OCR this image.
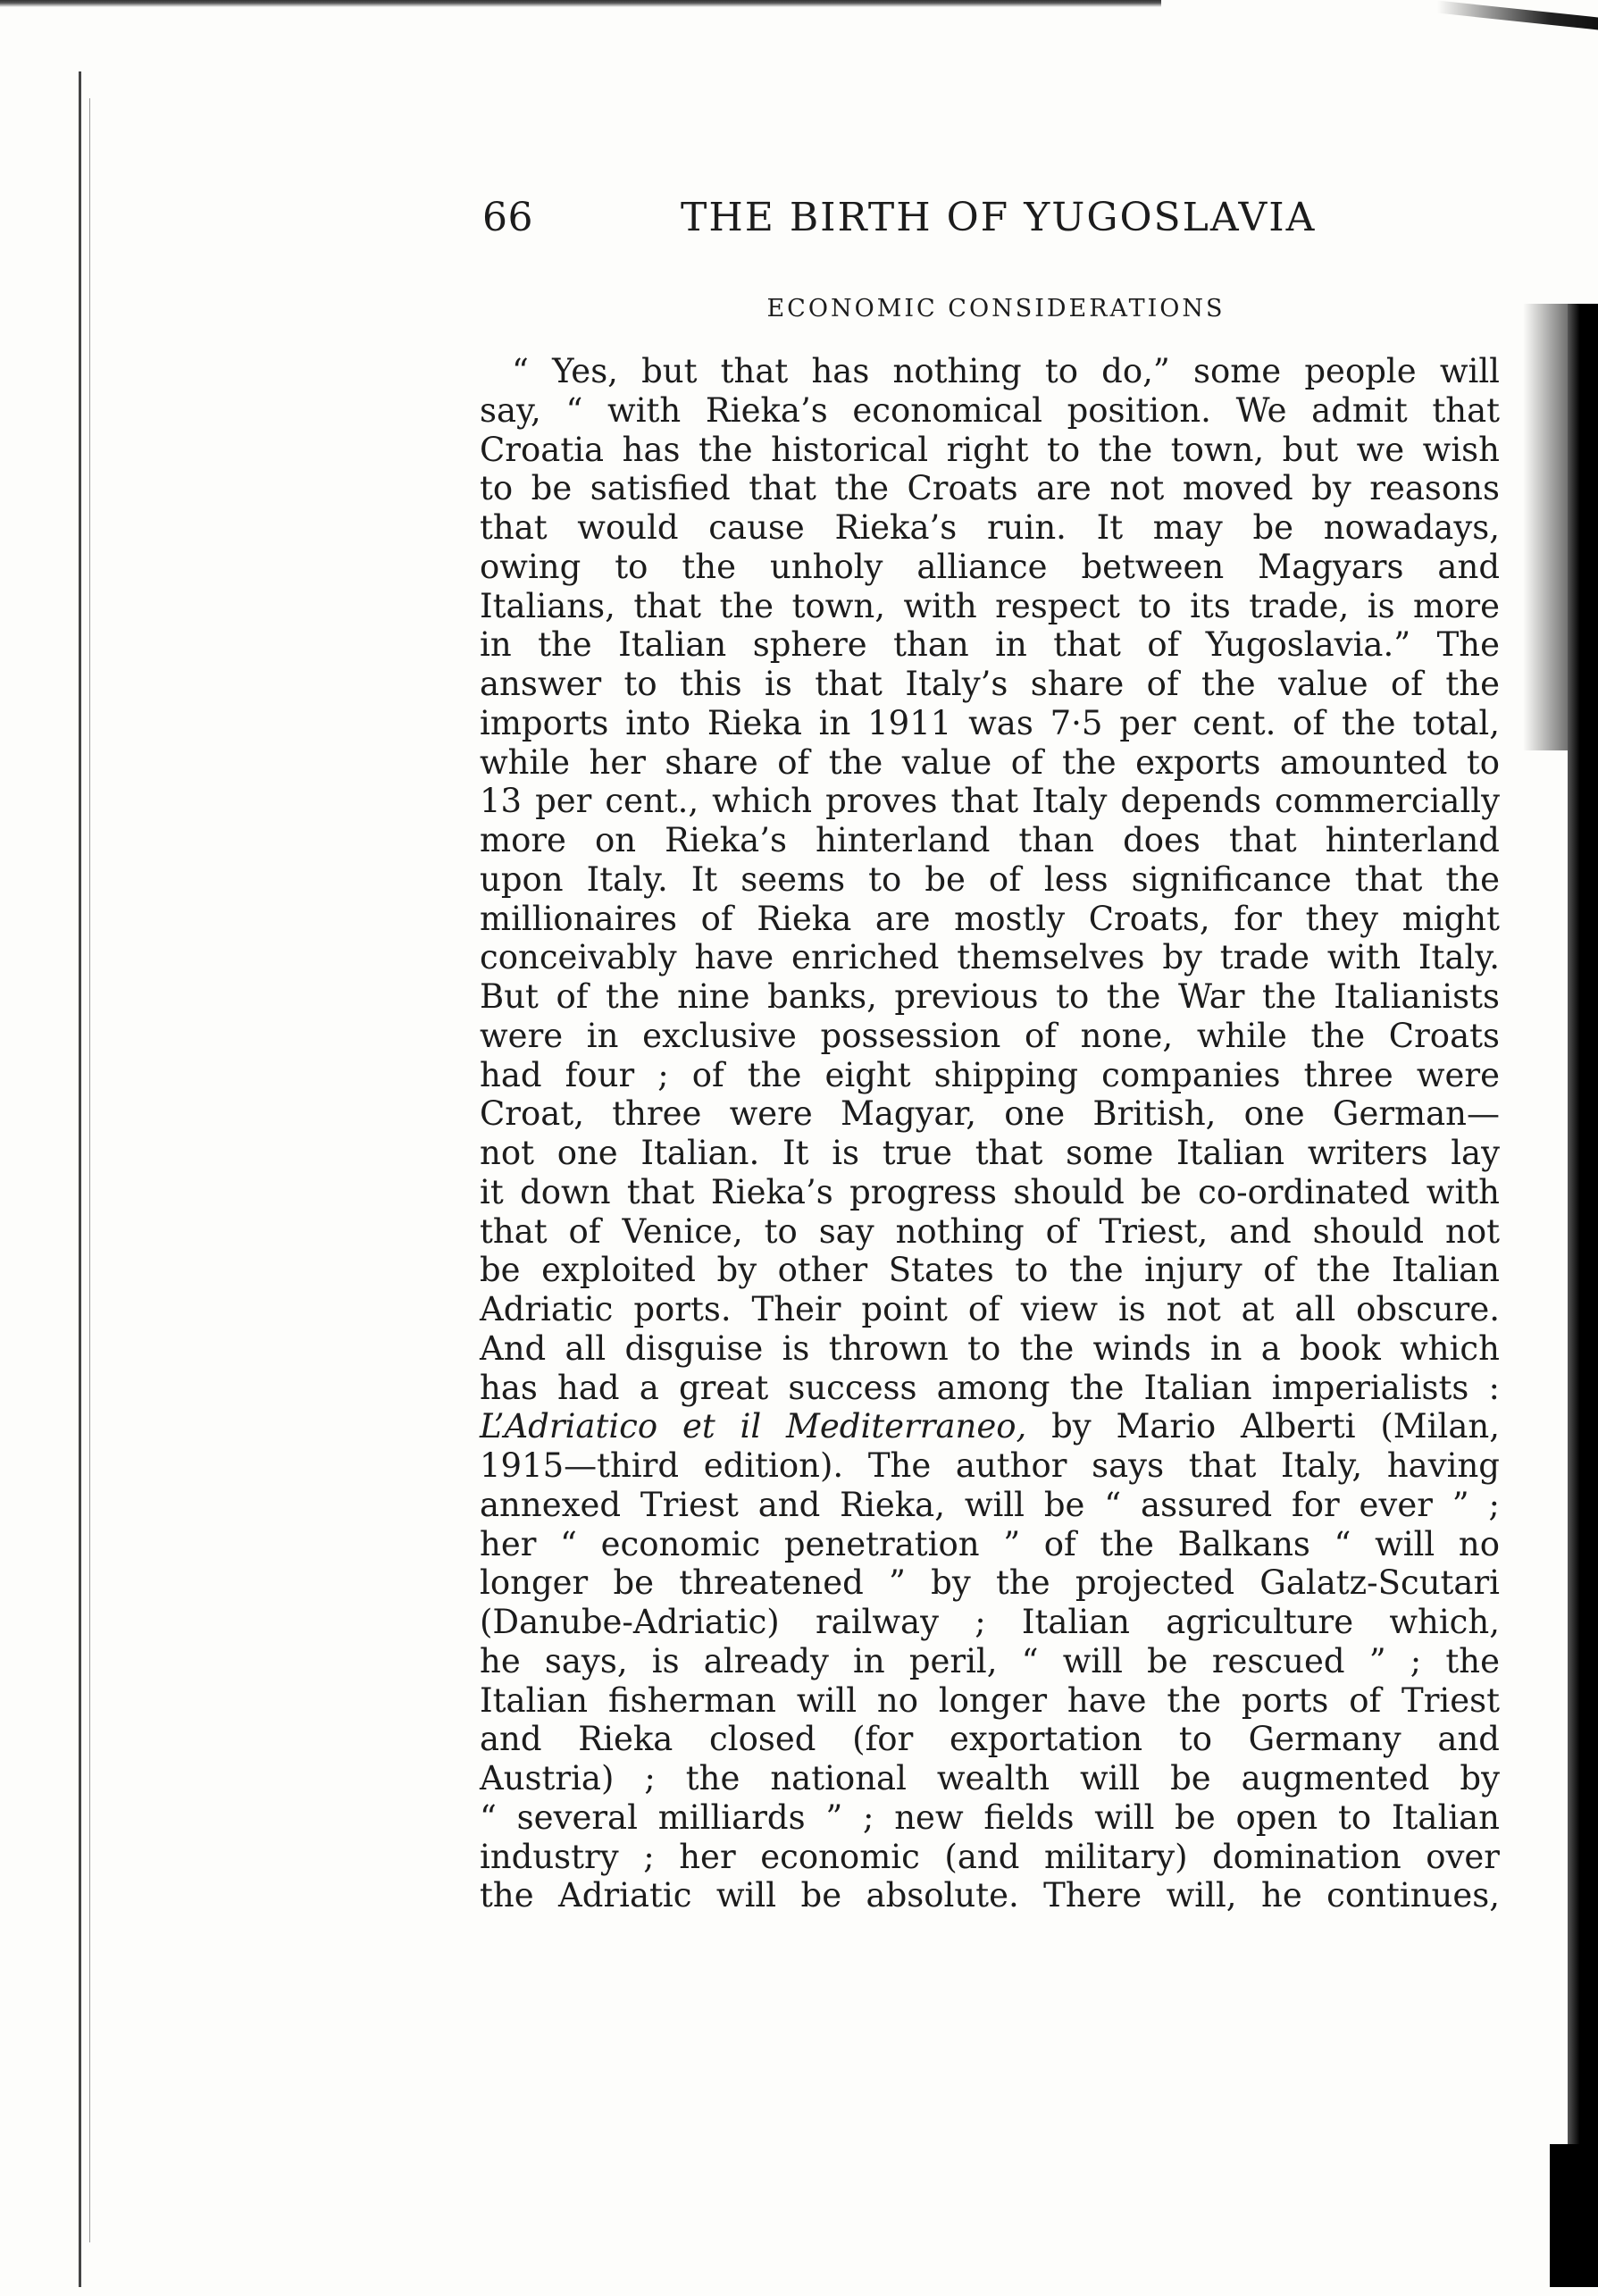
66	THE BIRTH OF YUGOSLAVIA
ECONOMIC CONSIDERATIONS
“ Yes, but that has nothing to do,” some people will
say, “ with Rieka’s economical position. We admit that
Croatia has the historical right to the town, but we wish
to be satisfied that the Croats are not moved by reasons
that would cause Rieka’s ruin. It may be nowadays,
owing to the unholy alliance between Magyars and
Italians, that the town, with respect to its trade, is more
in the Italian sphere than in that of Yugoslavia.” The
answer to this is that Italy’s share of the value of the
imports into Rieka in 1911 was 7·5 per cent. of the total,
while her share of the value of the exports amounted to
13 per cent., which proves that Italy depends commercially
more on Rieka’s hinterland than does that hinterland
upon Italy. It seems to be of less significance that the
millionaires of Rieka are mostly Croats, for they might
conceivably have enriched themselves by trade with Italy.
But of the nine banks, previous to the War the Italianists
were in exclusive possession of none, while the Croats
had four ; of the eight shipping companies three were
Croat, three were Magyar, one British, one German—
not one Italian. It is true that some Italian writers lay
it down that Rieka’s progress should be co-ordinated with
that of Venice, to say nothing of Triest, and should not
be exploited by other States to the injury of the Italian
Adriatic ports. Their point of view is not at all obscure.
And all disguise is thrown to the winds in a book which
has had a great success among the Italian imperialists :
L’Adriatico et il Mediterraneo, by Mario Alberti (Milan,
1915—third edition). The author says that Italy, having
annexed Triest and Rieka, will be “ assured for ever ” ;
her “ economic penetration ” of the Balkans “ will no
longer be threatened ” by the projected Galatz-Scutari
(Danube-Adriatic) railway ; Italian agriculture which,
he says, is already in peril, “ will be rescued ” ; the
Italian fisherman will no longer have the ports of Triest
and Rieka closed (for exportation to Germany and
Austria) ; the national wealth will be augmented by
“ several milliards ” ; new fields will be open to Italian
industry ; her economic (and military) domination over
the Adriatic will be absolute. There will, he continues,
